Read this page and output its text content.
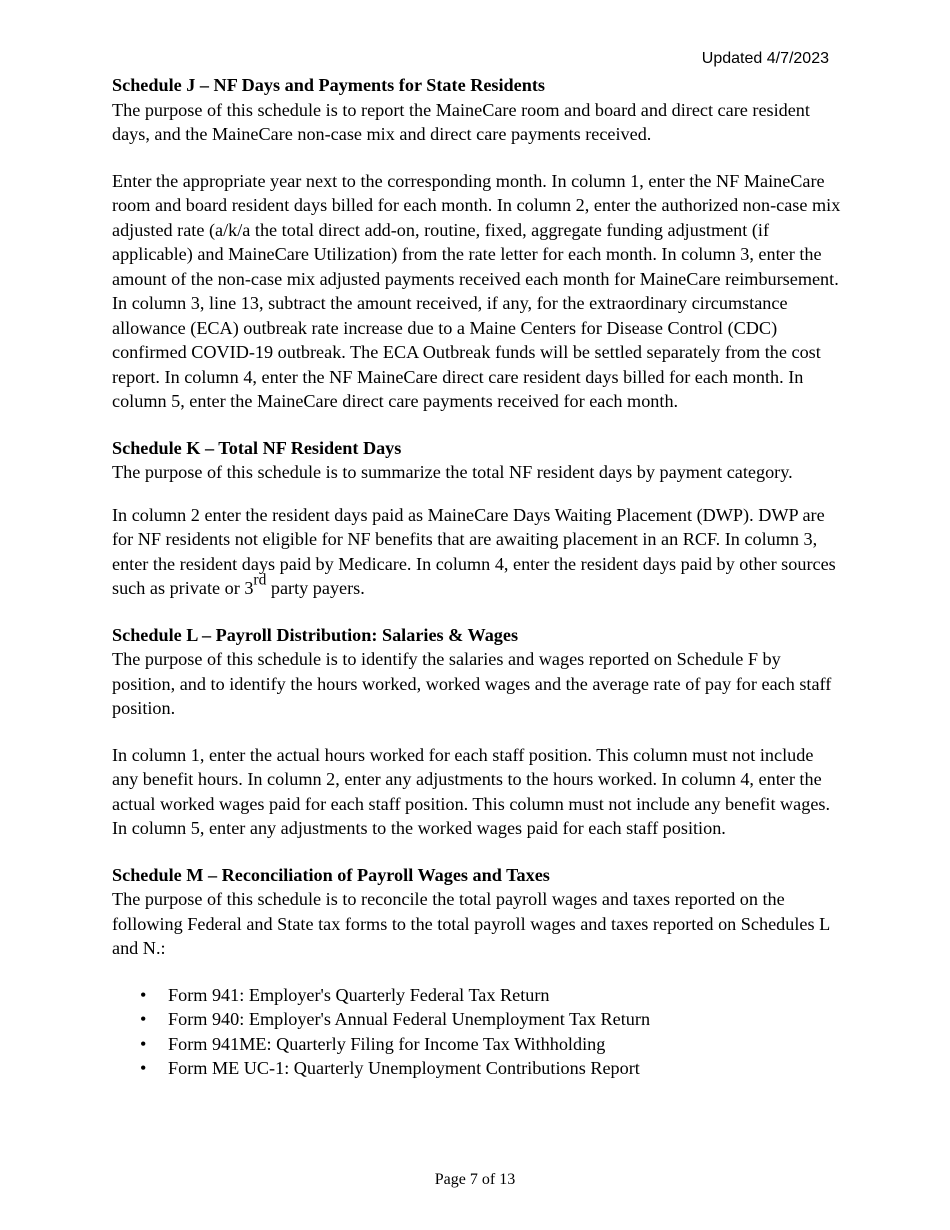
Updated 4/7/2023
Schedule J – NF Days and Payments for State Residents

The purpose of this schedule is to report the MaineCare room and board and direct care resident days, and the MaineCare non-case mix and direct care payments received.

Enter the appropriate year next to the corresponding month. In column 1, enter the NF MaineCare room and board resident days billed for each month. In column 2, enter the authorized non-case mix adjusted rate (a/k/a the total direct add-on, routine, fixed, aggregate funding adjustment (if applicable) and MaineCare Utilization) from the rate letter for each month. In column 3, enter the amount of the non-case mix adjusted payments received each month for MaineCare reimbursement. In column 3, line 13, subtract the amount received, if any, for the extraordinary circumstance allowance (ECA) outbreak rate increase due to a Maine Centers for Disease Control (CDC) confirmed COVID-19 outbreak. The ECA Outbreak funds will be settled separately from the cost report. In column 4, enter the NF MaineCare direct care resident days billed for each month. In column 5, enter the MaineCare direct care payments received for each month.

Schedule K – Total NF Resident Days

The purpose of this schedule is to summarize the total NF resident days by payment category.

In column 2 enter the resident days paid as MaineCare Days Waiting Placement (DWP). DWP are for NF residents not eligible for NF benefits that are awaiting placement in an RCF. In column 3, enter the resident days paid by Medicare. In column 4, enter the resident days paid by other sources such as private or 3rd party payers.

Schedule L – Payroll Distribution: Salaries & Wages

The purpose of this schedule is to identify the salaries and wages reported on Schedule F by position, and to identify the hours worked, worked wages and the average rate of pay for each staff position.

In column 1, enter the actual hours worked for each staff position. This column must not include any benefit hours. In column 2, enter any adjustments to the hours worked. In column 4, enter the actual worked wages paid for each staff position. This column must not include any benefit wages. In column 5, enter any adjustments to the worked wages paid for each staff position.

Schedule M – Reconciliation of Payroll Wages and Taxes

The purpose of this schedule is to reconcile the total payroll wages and taxes reported on the following Federal and State tax forms to the total payroll wages and taxes reported on Schedules L and N.:

• Form 941: Employer's Quarterly Federal Tax Return
• Form 940: Employer's Annual Federal Unemployment Tax Return
• Form 941ME: Quarterly Filing for Income Tax Withholding
• Form ME UC-1: Quarterly Unemployment Contributions Report
Page 7 of 13
